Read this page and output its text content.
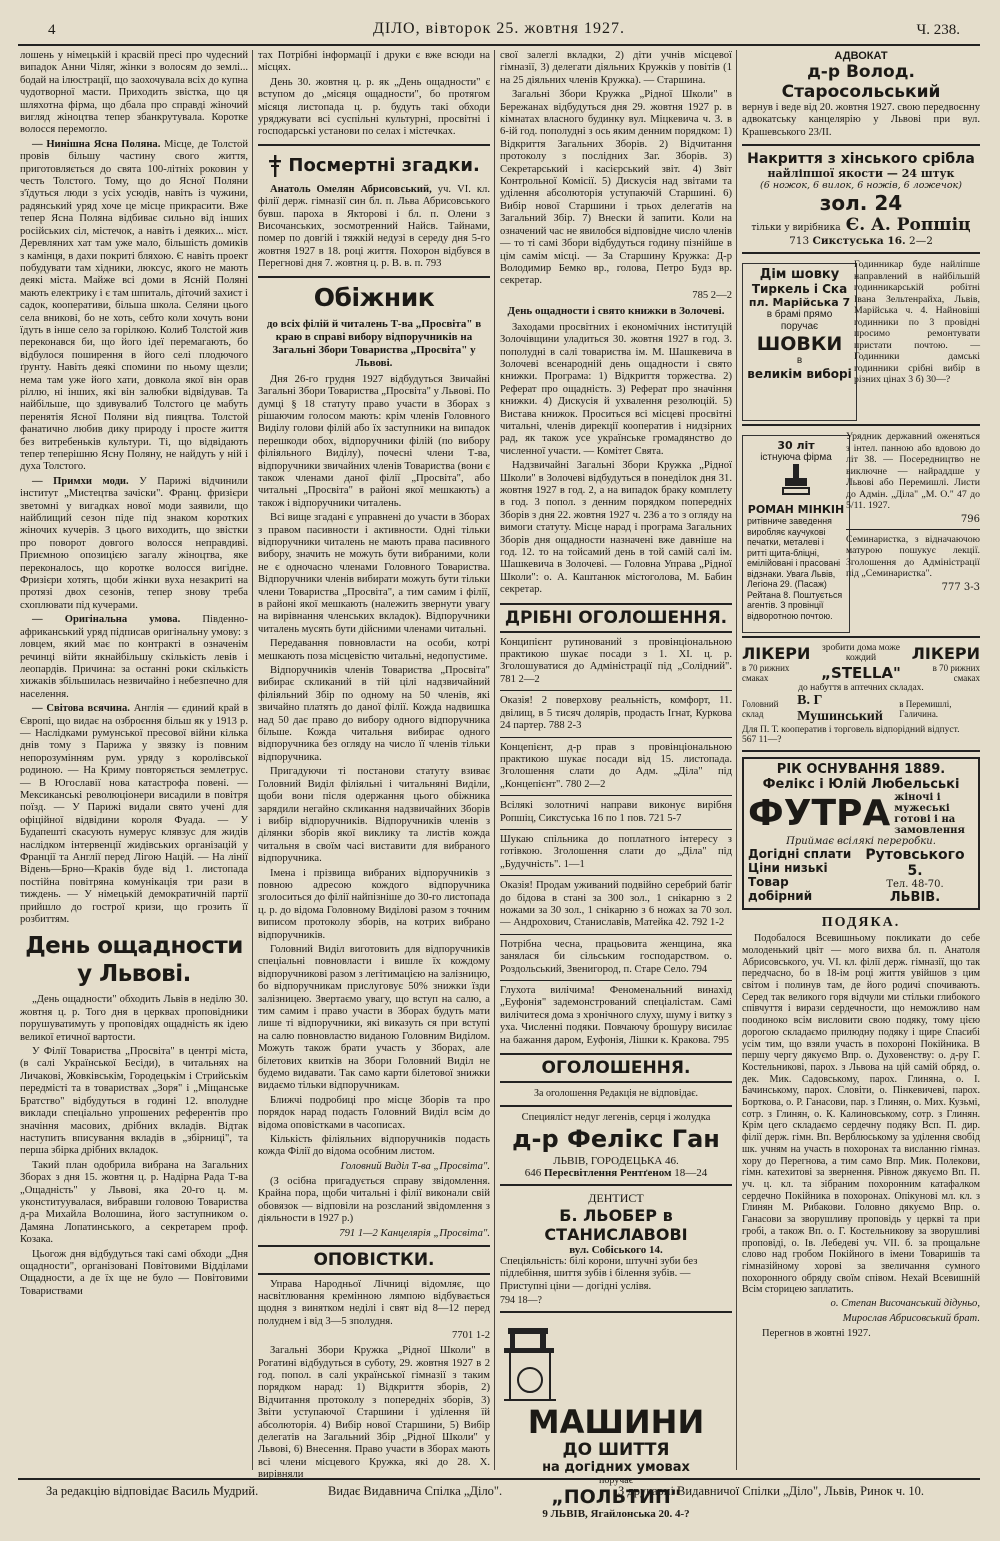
4	ДІЛО, вівторок 25. жовтня 1927.	Ч. 238.

лошень у німецькій і красвій пресі про чудесний випадок Анни Чіляг, жінки з волосям до землі... бодай на ілюстрації, що заохочувала всіх до купна чудотворної масти. Приходить звістка, що ця шляхотна фірма, що дбала про справді жіночий вигляд жіноцтва тепер збанкрутувала. Коротке волосся перемогло.

— Нинішна Ясна Поляна. Місце, де Толстой провів більшу частину свого життя, приготовляється до свята 100-літніх роковин у честь Толстого. Тому, що до Ясної Поляни з'їдуться люди з усіх усюдів, навіть із чужини, радянський уряд хоче це місце прикрасити. Вже тепер Ясна Поляна відбиває сильно від інших російських сіл, містечок, а навіть і деяких... міст. Деревляних хат там уже мало, більшість домиків з камінця, в дахи покриті бляхою. Є навіть проект побудувати там хідники, люксус, якого не мають деякі міста. Майже всі доми в Ясній Поляні мають електрику і є там шпиталь, діточий захист і садок, кооперативи, більша школа. Селяни цього села вникові, бо не хоть, себто коли хочуть вони їдуть в інше село за горілкою. Колиб Толстой жив переконався би, що його ідеї перемагають, бо відбулося поширення в його селі плодючого ґрунту. Навіть деякі спомини по ньому щезли; нема там уже його хати, довкола якої він орав ріллю, ні інших, які він залюбки відвідував. Та найбільше, що здивувалиб Толстого це мабуть перенятія Ясної Поляни від пияцтва. Толстой фанатично любив дику природу і просте життя без витребеньків культури. Ті, що відвідають тепер теперішню Ясну Поляну, не найдуть у ній і духа Толстого.

— Примхи моди. У Парижі відчинили інститут „Мистецтва зачіски". Франц. фризієри зветомні у вигадках нової моди заявили, що найблищий сезон піде під знаком коротких жіночих кучерів. З цього виходить, що звістки про поворот довгого волосся неправдиві. Приємною опозицією загалу жіноцтва, яке переконалось, що коротке волосся вигідне. Фризієри хотять, щоби жінки вуха незакриті на протязі двох сезонів, тепер знову треба схоплювати під кучерами.

— Оригінальна умова. Південно-африканський уряд підписав оригінальну умову: з ловцем, який має по контракті в означенім речинці війти якнайбільшу скількість левів і леопардів. Причина: за останні роки скількість хижаків збільшилась незвичайно і небезпечно для населення.

— Світова всячина. Англія — єдиний край в Європі, що видає на озброєння більш як у 1913 р. — Наслідками румунської пресової війни кілька днів тому з Парижа у звязку із повним непорозумінням рум. уряду з королівської родиною. — На Криму повторяється землетрус. — В Югославії нова катастрофа повені. — Мексиканські революціонери висадили в повітря поїзд. — У Парижі видали свято учені для офіційної відвідини короля Фуада. — У Будапешті скасують нумерус клявзус для жидів наслідком інтервенції жидівських організацій у Франції та Англії перед Лігою Націй. — На лінії Відень—Брно—Краків буде від 1. листопада постійна повітряна комунікація три рази в тиждень. — У німецькій демократичній партії прийшло до гострої кризи, що грозить її розбиттям.

День ощадности у Львові.

„День ощадности" обходить Львів в неділю 30. жовтня ц. р. Того дня в церквах проповідники порушуватимуть у проповідях ощадність як ідею великої етичної вартости.

У Філії Товариства „Просвіта" в центрі міста, (в салі Української Бесіди), в читальнях на Личакові, Жовківськім, Городецькім і Стрийськім передмісті та в товариствах „Зоря" і „Міщанське Братство" відбудуться в годині 12. вполудне виклади спеціально упрошених референтів про значіння масових, дрібних вкладів. Відтак наступить вписування вкладів в „збірниці", та перша збірка дрібних вкладок.

Такий план одобрила вибрана на Загальних Зборах з дня 15. жовтня ц. р. Надірна Рада Т-ва „Ощадність" у Львові, яка 20-го ц. м. уконституувалася, вибравши головою Товариства д-ра Михайла Волошина, його заступником о. Дамяна Лопатинського, а секретарем проф. Козака.

Цьогож дня відбудуться такі самі обходи „Дня ощадности", організовані Повітовими Відділами Ощадности, а де їх ще не було — Повітовими Товариствами

тах Потрібні інформації і друки є вже всюди на місцях.

День 30. жовтня ц. р. як „День ощадности" є вступом до „місяця ощадности", бо протягом місяця листопада ц. р. будуть такі обходи уряджувати всі суспільні культурні, просвітні і господарські установи по селах і містечках.

Посмертні згадки.

Анатоль Омелян Абрисовський, уч. VI. кл. філії держ. гімназії син бл. п. Льва Абрисовського бувш. пароха в Якторові і бл. п. Олени з Височанських, зосмотренний Найсв. Тайнами, помер по довгій і тяжкій недузі в середу дня 5-го жовтня 1927 в 18. році життя. Похорон відбувся в Перегнові дня 7. жовтня ц. р. В. в. п. 793

Обіжник
до всіх філій й читалень Т-ва „Просвіта" в краю в справі вибору відпоручників на Загальні Збори Товариства „Просвіта" у Львові.

Дня 26-го грудня 1927 відбудуться Звичайні Загальні Збори Товариства „Просвіта" у Львові. По думці § 18 статуту право участи в Зборах з рішаючим голосом мають: крім членів Головного Виділу голови філій або їх заступники на випадок перешкоди обох, відпоручники філій (по вибору філіяльного Виділу), почесні члени Т-ва, відпоручники звичайних членів Товариства (вони є також членами даної філії „Просвіта", або читальні „Просвіта" в районі якої мешкають) а також і відпоручники читалень.

Всі вище згадані є управнені до участи в Зборах з правом пасивности і активности. Одні тільки відпоручники читалень не мають права пасивного вибору, значить не можуть бути вибраними, коли не є одночасно членами Головного Товариства. Відпоручники членів вибирати можуть бути тільки члени Товариства „Просвіта", а тим самим і філії, в районі якої мешкають (належить звернути увагу на вирівнання членських вкладок). Відпоручники читалень мусять бути дійсними членами читальні.

Передавання повновласти на особи, котрі мешкають поза місцевістю читальні, недопустиме.

Відпоручників членів Товариства „Просвіта" вибирає скликаний в тій цілі надзвичайний філіяльний Збір по одному на 50 членів, які звичайно платять до даної філії. Кожда надвишка над 50 дає право до вибору одного відпоручника більше. Кожда читальня вибирає одного відпоручника без огляду на число її членів тільки відпоручника.

Пригадуючи ті постанови статуту взиває Головний Виділ філіяльні і читальняні Виділи, щоби вони після одержання цього обіжника зарядили негайно скликання надзвичайних Зборів і вибір відпоручників. Відпоручників членів з ділянки зборів якої виклику та листів кожда читальня в своїм часі виставити для вибраного відпоручника.

Імена і прізвища вибраних відпоручників з повною адресою кождого відпоручника зголоситься до філії найпізніше до 30-го листопада ц. р. до відома Головному Виділові разом з точним виписом протоколу зборів, на котрих вибрано відпоручників.

Головний Виділ виготовить для відпоручників спеціальні повновласти і вишле їх кождому відпоручникові разом з легітимацією на залізницю, бо відпоручникам прислуговує 50% знижки їзди залізницею. Звертаємо увагу, що вступ на салю, а тим самим і право участи в Зборах будуть мати лише ті відпоручники, які виказуть ся при вступі на салю повновластю виданою Головним Виділом. Можуть також брати участь у Зборах, але білетових квитків на Збори Головний Виділ не будемо видавати. Так само карти білетової знижки видаємо тільки відпоручникам.

Ближчі подробиці про місце Зборів та про порядок нарад подасть Головний Виділ всім до відома оповістками в часописах.

Кількість філіяльних відпоручників подасть кожда Філії до відома особним листом.

Головний Виділ Т-ва „Просвіта".

(З осібна пригадується справу звідомлення. Крайна пора, щоби читальні і філії виконали свій обовязок — відповіли на розсланий звідомлення з діяльности в 1927 р.)

791 1—2 Канцелярія „Просвіта".
ОПОВІСТКИ.

Управа Народньої Лічниці відомляє, що насвітлювання кремінною лямпою відбувається щодня з винятком неділі і свят від 8—12 перед полуднем і від 3—5 зполудня.

7701 1-2

Загальні Збори Кружка „Рідної Школи" в Рогатині відбудуться в суботу, 29. жовтня 1927 в 2 год. попол. в салі української гімназії з таким порядком нарад: 1) Відкриття зборів, 2) Відчитання протоколу з попередніх зборів, 3) Звіти уступаючої Старшини і уділення їй абсолюторія. 4) Вибір нової Старшини, 5) Вибір делегатів на Загальний Збір „Рідної Школи" у Львові, 6) Внесення. Право участи в Зборах мають всі члени місцевого Кружка, які до 28. Х. вирівняли

свої залеглі вкладки, 2) діти учнів місцевої гімназії, 3) делегати діяльних Кружків у повітів (1 на 25 діяльних членів Кружка). — Старшина.

Загальні Збори Кружка „Рідної Школи" в Бережанах відбудуться дня 29. жовтня 1927 р. в кімнатах власного будинку вул. Міцкевича ч. 3. в 6-ій год. пополудні з ось яким денним порядком: 1) Відкриття Загальних Зборів. 2) Відчитання протоколу з послідних Заг. Зборів. 3) Секретарський і касієрський звіт. 4) Звіт Контрольної Комісії. 5) Дискусія над звітами та уділення абсолюторія уступаючій Старшині. 6) Вибір нової Старшини і трьох делегатів на Загальний Збір. 7) Внески й запити. Коли на означений час не явилобся відповідне число членів — то ті самі Збори відбудуться годину пізнійше в цім самім місці. — За Старшину Кружка: Д-р Володимир Бемко вр., голова, Петро Будз вр. секретар.

785 2—2
День ощадности і свято книжки в Золочеві.

Заходами просвітних і економічних інституцій Золочівщини уладиться 30. жовтня 1927 в год. 3. пополудні в салі товариства ім. М. Шашкевича в Золочеві всенародній день ощадности і свято книжки. Програма: 1) Відкриття торжества. 2) Реферат про ощадність. 3) Реферат про значіння книжки. 4) Дискусія й ухвалення резолюцій. 5) Вистава книжок. Проситься всі місцеві просвітні читальні, членів дирекції кооператив і нидзірних рад, як також усе українське громадянство до численної участи. — Комітет Свята.

Надзвичайні Загальні Збори Кружка „Рідної Школи" в Золочеві відбудуться в понеділок дня 31. жовтня 1927 в год. 2, а на випадок браку комплету в год. 3 попол. з денним порядком попередніх Зборів з дня 22. жовтня 1927 ч. 236 а то з огляду на вимоги статуту. Місце нарад і програма Загальних Зборів дня ощадности назначені вже давніше на год. 12. то на тойсамий день в той самій салі ім. Шашкевича в Золочеві. — Головна Управа „Рідної Школи": о. А. Каштанюк містоголова, М. Бабин секретар.

ДРІБНІ ОГОЛОШЕННЯ.

Конципієнт рутинований з провінціональною практикою шукає посади з 1. XI. ц. р. Зголошуватися до Адміністрації під „Солідний". 781 2—2

Оказія! 2 поверхову реальність, комфорт, 11. двілищ, в 5 тисяч долярів, продасть Ігнат, Куркова 24 партер. 788 2-3

Концепієнт, д-р прав з провінціональною практикою шукає посади від 15. листопада. Зголошення слати до Адм. „Діла" під „Концепієнт". 780 2—2

Всілякі золотничі направи виконує вирібня Ропшіц, Сикстуська 16 по 1 пов. 721 5-7

Шукаю спільника до поплатного інтересу з готівкою. Зголошення слати до „Діла" під „Будучність". 1—1

Оказія! Продам уживаний подвійно серебрий батіг до бідова в стані за 300 зол., 1 снікарню з 2 ножами за 30 зол., 1 снікарню з 6 ножах за 70 зол. — Андрохович, Станиславів, Матейка 42. 792 1-2

Потрібна чесна, працьовита женщина, яка занялася би сільським господарством. о. Роздольський, Звенигород, п. Старе Село. 794

Глухота вилічима! Феноменальний винахід „Еуфонія" задемонстрований спеціалістам. Самі вилічитеся дома з хронічного слуху, шуму і витку з уха. Численні подяки. Повчаючу брошуру висилає на бажання даром, Еуфонія, Лішки к. Кракова. 795

ОГОЛОШЕННЯ.
За оголошення Редакція не відповідає.
Специяліст недуг легенів, серця і жолудка
д-р Фелікс Ган
ЛЬВІВ, ГОРОДЕЦЬКА 46.
646 Пересвітлення Рентґеном 18—24
ДЕНТИСТ
Б. ЛЬОБЕР в СТАНИСЛАВОВІ
вул. Собіського 14.

Спеціяльність: білі корони, штучні зуби без підлебіння, шиття зубів і білення зубів. — Приступні ціни — догідні услівя.

794 18—?
МАШИНИ
ДО ШИТТЯ
на догідних умовах
поручає
„ПОЛЬТИП"
9 ЛЬВІВ, Ягайлонська 20. 4-?
АДВОКАТ
д-р Волод. Старосольський

вернув і веде від 20. жовтня 1927. свою передвоєнну адвокатську канцелярію у Львові при вул. Крашевського 23/II.

Накриття з хінського срібла
найліпшої якости — 24 штук
(6 ножок, 6 вилок, 6 ножів, 6 ложечок)
зол. 24
тільки у вирібника Є. А. Ропшіц
713 Сикстуська 16. 2—2
Дім шовку
Тиркель і Ска
пл. Марійська 7
в брамі прямо
поручає
ШОВКИ
в
великім виборі

Годинникар буде найліпше направлений в найбільшій годинникарській робітні Івана Зельтенрайха, Львів, Марійська ч. 4. Найновіші годинники по 3 провідні просимо ремонтувати пристати почтою. — Годинники дамські годинники срібні вибір в різних цінах 3 б) 30—?

30 літ
істнуюча фірма
РОМАН МІНКІН
ритівниче заведення виробляє каучукові печатки, металеві і ритті щита-бліцні, емілійовані і прасовані відзнаки. Увага Львів, Легіона 29. (Пасаж) Рейтана 8. Поштується агентів. З провінції відворотною почтою.

Урядник державний оженяться з інтел. панною або вдовою до літ 38. — Посередництво не виключне — найраддше у Львові або Перемишлі. Листи до Адмін. „Діла" „М. О." 47 до 5/11. 1927.

796

Семинаристка, з відначаючою матурою пошукує лекції. Зголошення до Адміністрації під „Семинаристка".

777 3-3
ЛІКЕРИ зробити дома може кождий	ЛІКЕРИ
в 70 рижних смаках	„STELLA"	в 70 рижних смаках
до набуття в аптечних складах.
Головний склад
В. Г Мушинський
в Перемишлі, Галичина.
Для П. Т. кооператив і торговель відпорідний відпуст.
567 11—?
РІК ОСНУВАННЯ 1889.
Фелікс і Юлій Любельські
ФУТРА жіночі і мужеські готові і на замовлення
Приймає всілякі переробки.
Догідні сплати
Ціни низькі
Товар добірний
Рутовського 5.
Тел. 48-70.
ЛЬВІВ.
ПОДЯКА.

Подобалося Всевишньому покликати до себе молоденький цвіт — мого вихва бл. п. Анатоля Абрисовського, уч. VI. кл. філії держ. гімназії, що так передчасно, бо в 18-ім році життя увійшов з цим світом і полинув там, де його родичі спочивають. Серед так великого горя відчули ми стільки глибокого співчуття і вирази сердечности, що неможливо нам поодиноко всім висловити свою подяку, тому цією дорогою складаємо прилюдну подяку і щире Спасибі усім тим, що взяли участь в похороні Покійника. В першу чергу дякуємо Впр. о. Духовенству: о. д-ру Г. Костельникові, парох. з Львова на цій самій обряд, о. дек. Мик. Садовському, парох. Глиняна, о. І. Бачинському, парох. Словіти, о. Пінкевичеві, парох. Бортковa, о. Р. Ганасови, пар. з Глинян, о. Мих. Кузьмі, сотр. з Глинян, о. К. Калиновському, сотр. з Глинян. Крім цего складаємо сердечну подяку Всп. П. дир. філії держ. гімн. Вп. Верблюському за уділення свобід шк. учням на участь в похоронах та висланню гімназ. хору до Перегнова, а тим само Впр. Мик. Полекови, гімн. катехитові за звернення. Рівнож дякуємо Вп. П. уч. ц. кл. та зібраним похоронним катафалком сердечно Покійника в похоронах. Опікунові мл. кл. з Глинян М. Рибакови. Головно дякуємо Впр. о. Ганасови за зворушливу проповідь у церкві та при гробі, а також Вп. о. Г. Костельникову за зворушливі проповіді, о. Ів. Лебедеві уч. VII. б. за прощальне слово над гробом Покійного в імени Товаришів та гімназійному хорові за звеличання сумного похоронного обряду своїм співом. Нехай Всевишній Всім сторицею заплатить.

о. Степан Височанський дідуньо,
Мирослав Абрисовський брат.
Перегнов в жовтні 1927.
За редакцію відповідає Василь Мудрий.	Видає Видавнича Спілка „Діло".	З друкарні Видавничої Спілки „Діло", Львів, Ринок ч. 10.
